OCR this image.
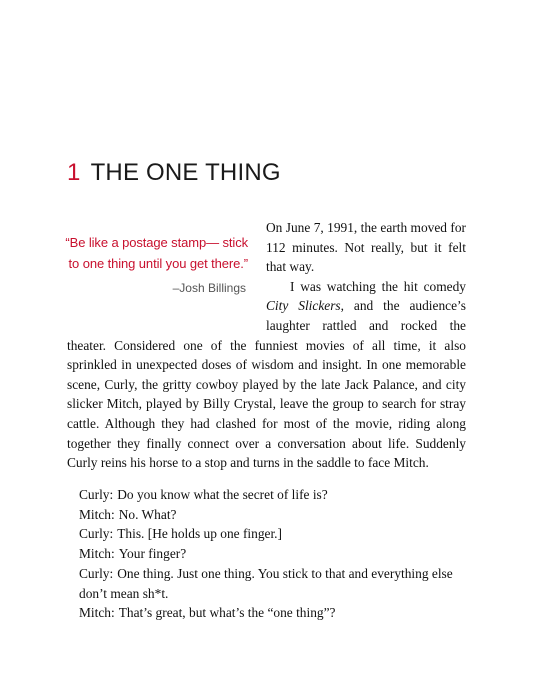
1 THE ONE THING
“Be like a postage stamp— stick to one thing until you get there.”
–Josh Billings

On June 7, 1991, the earth moved for 112 minutes. Not really, but it felt that way.

I was watching the hit comedy City Slickers, and the audience’s laughter rattled and rocked the theater. Considered one of the funniest movies of all time, it also sprinkled in unexpected doses of wisdom and insight. In one memorable scene, Curly, the gritty cowboy played by the late Jack Palance, and city slicker Mitch, played by Billy Crystal, leave the group to search for stray cattle. Although they had clashed for most of the movie, riding along together they finally connect over a conversation about life. Suddenly Curly reins his horse to a stop and turns in the saddle to face Mitch.

Curly: Do you know what the secret of life is?

Mitch: No. What?

Curly: This. [He holds up one finger.]

Mitch: Your finger?

Curly: One thing. Just one thing. You stick to that and everything else don’t mean sh*t.

Mitch: That’s great, but what’s the “one thing”?
